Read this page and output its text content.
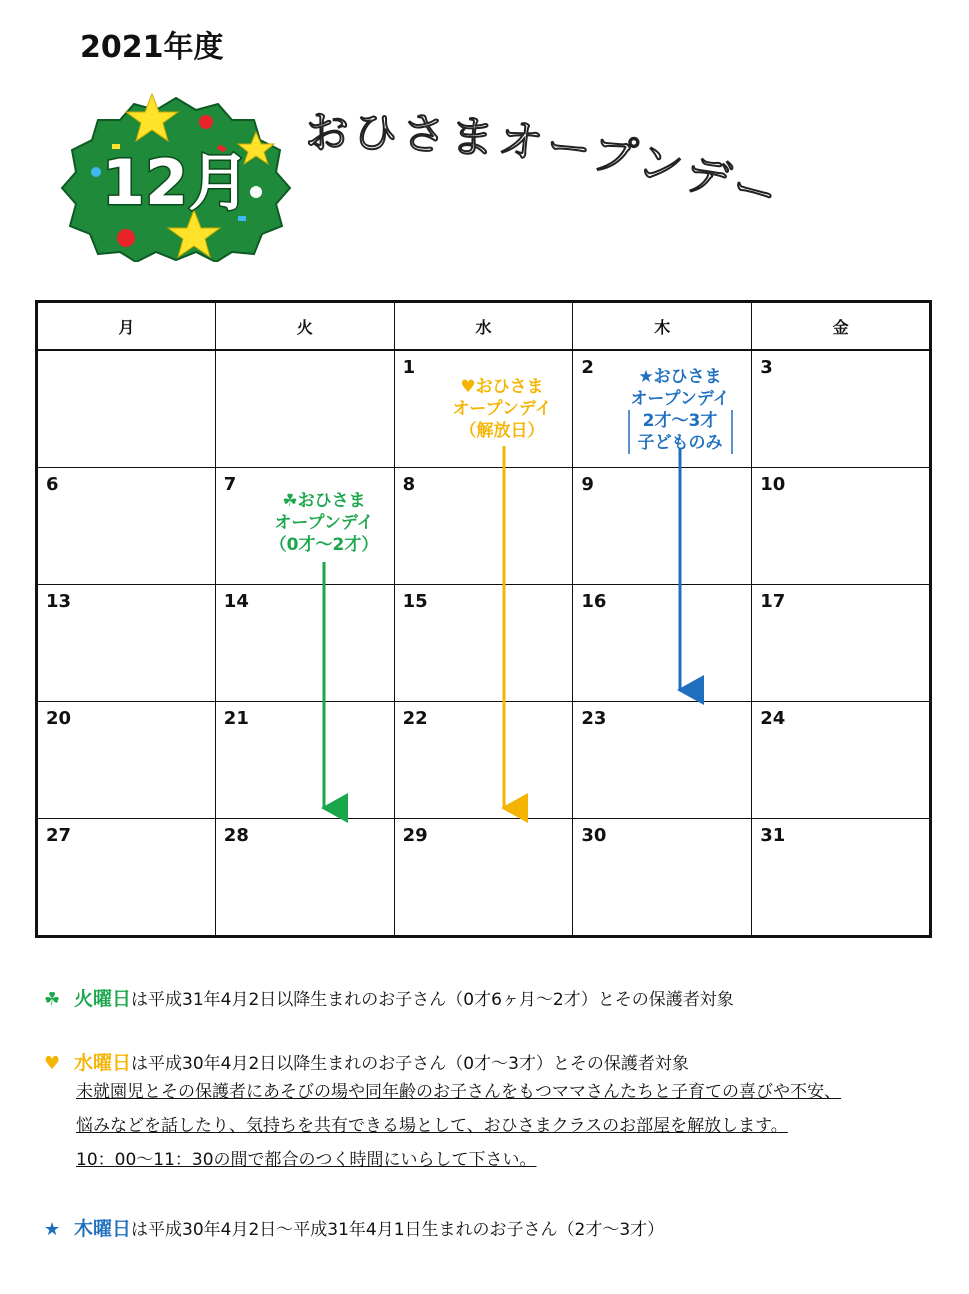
2021年度
12月
おひさまオープンデー
月	火	水	木	金

		1	2	3

6	7	8	9	10

13	14	15	16	17

20	21	22	23	24

27	28	29	30	31
☘おひさま
オープンデイ
（0才～2才）
♥おひさま
オープンデイ
（解放日）
★おひさま
オープンデイ
2才～3才
子どものみ
☘ 火曜日は平成31年4月2日以降生まれのお子さん（0才6ヶ月～2才）とその保護者対象
♥ 水曜日は平成30年4月2日以降生まれのお子さん（0才～3才）とその保護者対象
未就園児とその保護者にあそびの場や同年齢のお子さんをもつママさんたちと子育ての喜びや不安、
悩みなどを話したり、気持ちを共有できる場として、おひさまクラスのお部屋を解放します。
10：00～11：30の間で都合のつく時間にいらして下さい。
★ 木曜日は平成30年4月2日～平成31年4月1日生まれのお子さん（2才～3才）
